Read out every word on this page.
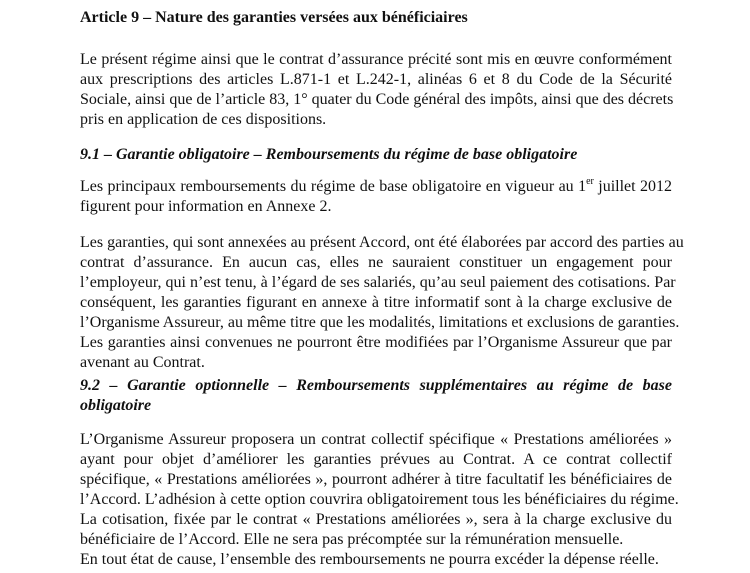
Article 9 – Nature des garanties versées aux bénéficiaires
Le présent régime ainsi que le contrat d’assurance précité sont mis en œuvre conformément
aux prescriptions des articles L.871-1 et L.242-1, alinéas 6 et 8 du Code de la Sécurité
Sociale, ainsi que de l’article 83, 1° quater du Code général des impôts, ainsi que des décrets
pris en application de ces dispositions.
9.1 – Garantie obligatoire – Remboursements du régime de base obligatoire
Les principaux remboursements du régime de base obligatoire en vigueur au 1er juillet 2012
figurent pour information en Annexe 2.
Les garanties, qui sont annexées au présent Accord, ont été élaborées par accord des parties au
contrat d’assurance. En aucun cas, elles ne sauraient constituer un engagement pour
l’employeur, qui n’est tenu, à l’égard de ses salariés, qu’au seul paiement des cotisations. Par
conséquent, les garanties figurant en annexe à titre informatif sont à la charge exclusive de
l’Organisme Assureur, au même titre que les modalités, limitations et exclusions de garanties.
Les garanties ainsi convenues ne pourront être modifiées par l’Organisme Assureur que par
avenant au Contrat.
9.2 – Garantie optionnelle – Remboursements supplémentaires au régime de base
obligatoire
L’Organisme Assureur proposera un contrat collectif spécifique « Prestations améliorées »
ayant pour objet d’améliorer les garanties prévues au Contrat. A ce contrat collectif
spécifique, « Prestations améliorées », pourront adhérer à titre facultatif les bénéficiaires de
l’Accord. L’adhésion à cette option couvrira obligatoirement tous les bénéficiaires du régime.
La cotisation, fixée par le contrat « Prestations améliorées », sera à la charge exclusive du
bénéficiaire de l’Accord. Elle ne sera pas précomptée sur la rémunération mensuelle.
En tout état de cause, l’ensemble des remboursements ne pourra excéder la dépense réelle.
